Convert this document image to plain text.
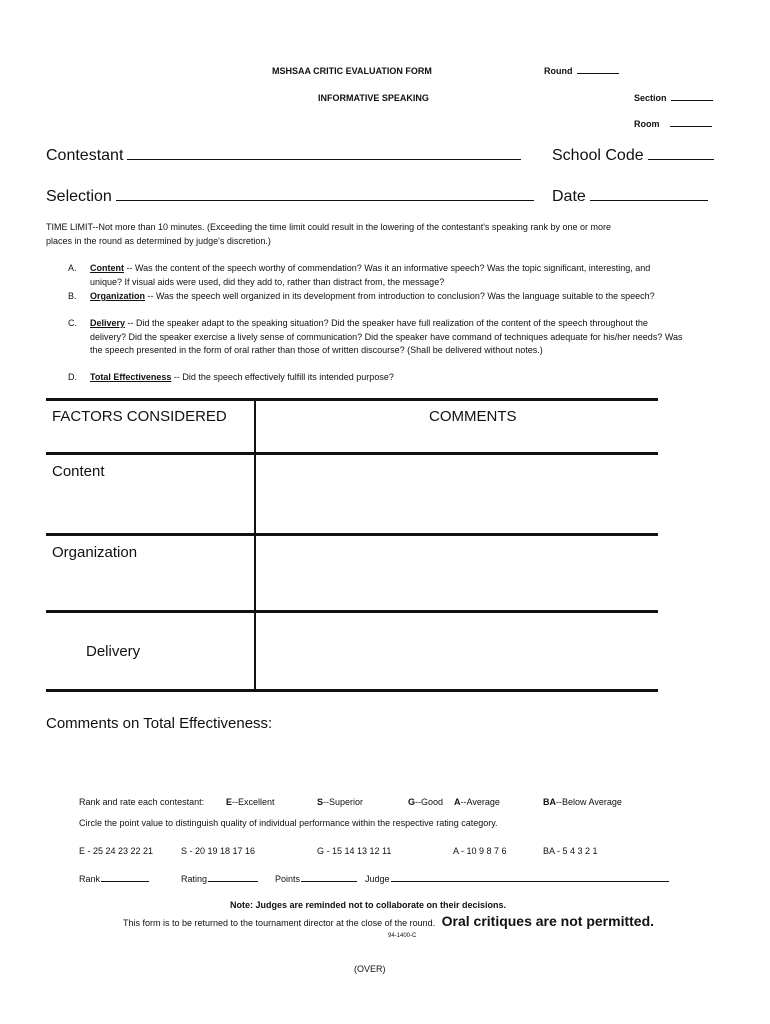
MSHSAA CRITIC EVALUATION FORM	Round
INFORMATIVE SPEAKING	Section
Room
Contestant	School Code
Selection	Date
TIME LIMIT--Not more than 10 minutes. (Exceeding the time limit could result in the lowering of the contestant's speaking rank by one or more
places in the round as determined by judge's discretion.)
A. Content -- Was the content of the speech worthy of commendation? Was it an informative speech? Was the topic significant, interesting, and unique? If visual aids were used, did they add to, rather than distract from, the message?
B. Organization -- Was the speech well organized in its development from introduction to conclusion? Was the language suitable to the speech?
C. Delivery -- Did the speaker adapt to the speaking situation? Did the speaker have full realization of the content of the speech throughout the delivery? Did the speaker exercise a lively sense of communication? Did the speaker have command of techniques adequate for his/her needs? Was the speech presented in the form of oral rather than those of written discourse? (Shall be delivered without notes.)
D. Total Effectiveness -- Did the speech effectively fulfill its intended purpose?
FACTORS CONSIDERED	COMMENTS
Content
Organization
Delivery
Comments on Total Effectiveness:
Rank and rate each contestant: E--Excellent	S--Superior	G--Good A--Average	BA--Below Average
Circle the point value to distinguish quality of individual performance within the respective rating category.
E - 25 24 23 22 21	S - 20 19 18 17 16	G - 15 14 13 12 11	A - 10 9 8 7 6	BA - 5 4 3 2 1
Rank	Rating	Points	Judge
Note: Judges are reminded not to collaborate on their decisions.
This form is to be returned to the tournament director at the close of the round. Oral critiques are not permitted.
94-1400-C
(OVER)
